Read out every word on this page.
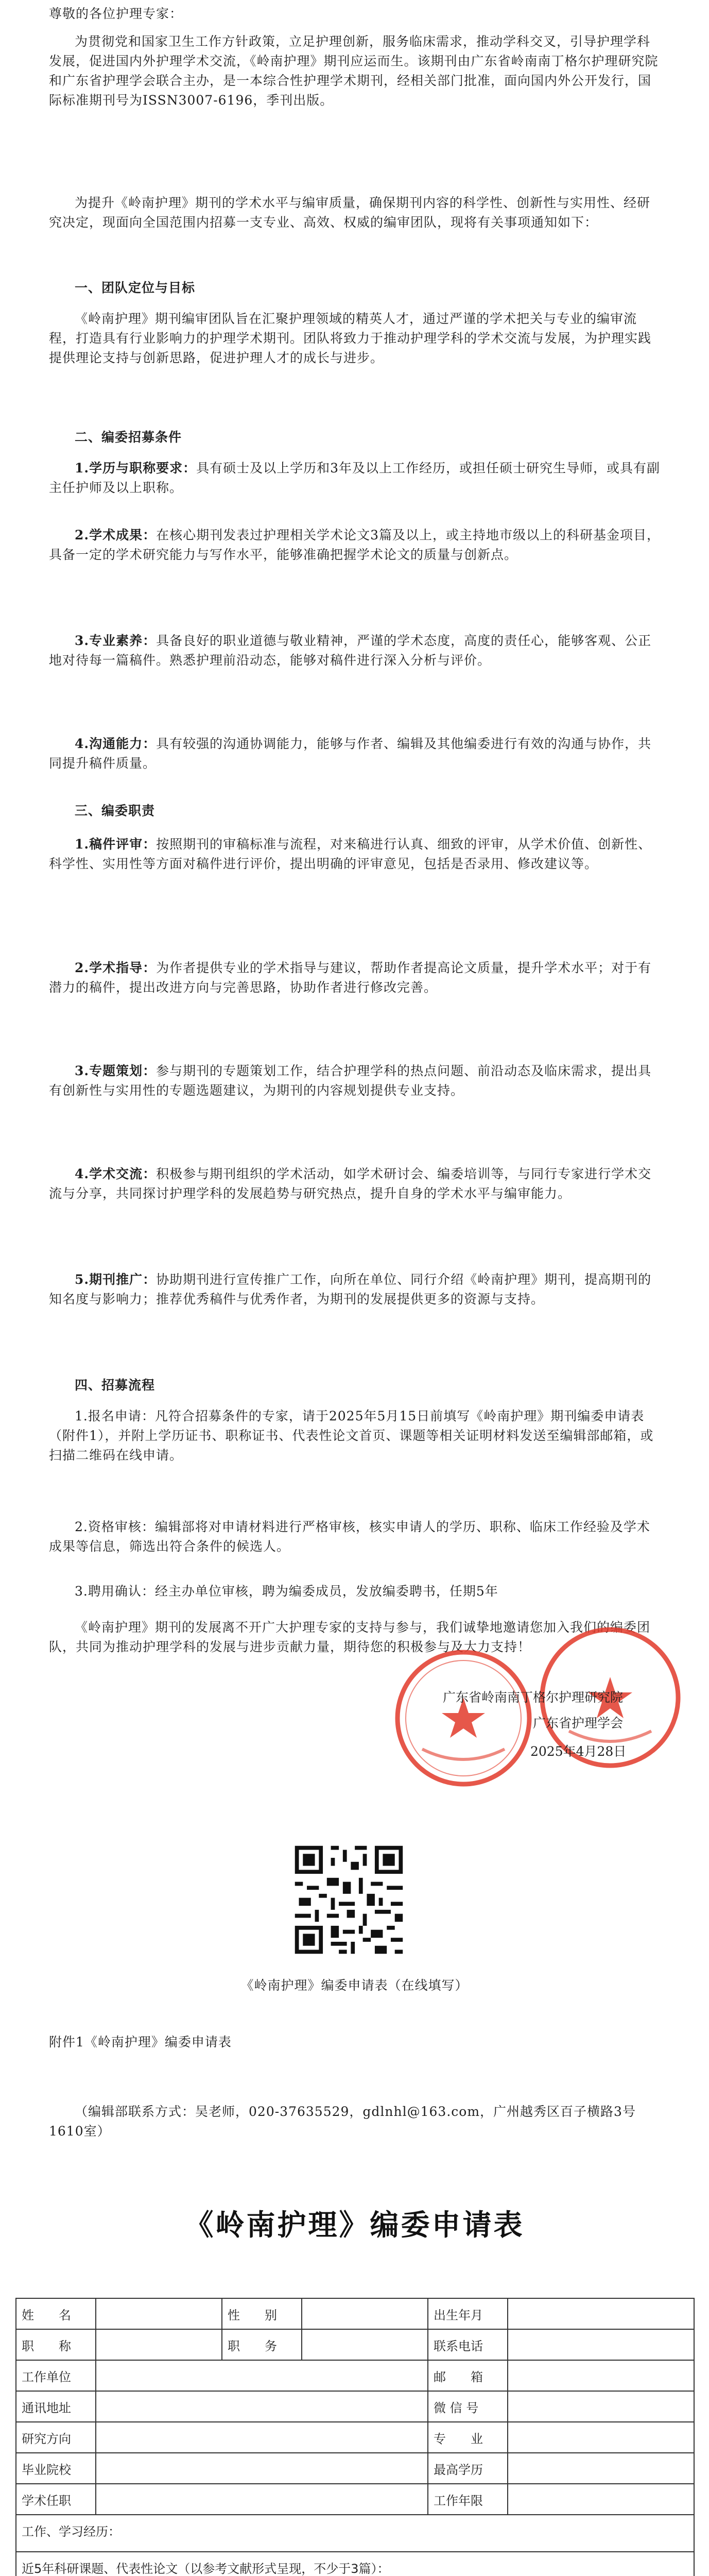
尊敬的各位护理专家：
为贯彻党和国家卫生工作方针政策，立足护理创新，服务临床需求，推动学科交叉，引导护理学科发展，促进国内外护理学术交流，《岭南护理》期刊应运而生。该期刊由广东省岭南南丁格尔护理研究院和广东省护理学会联合主办，是一本综合性护理学术期刊，经相关部门批准，面向国内外公开发行，国际标准期刊号为ISSN3007-6196，季刊出版。
为提升《岭南护理》期刊的学术水平与编审质量，确保期刊内容的科学性、创新性与实用性、经研究决定，现面向全国范围内招募一支专业、高效、权威的编审团队，现将有关事项通知如下：
一、团队定位与目标
《岭南护理》期刊编审团队旨在汇聚护理领域的精英人才，通过严谨的学术把关与专业的编审流程，打造具有行业影响力的护理学术期刊。团队将致力于推动护理学科的学术交流与发展，为护理实践提供理论支持与创新思路，促进护理人才的成长与进步。
二、编委招募条件
1.学历与职称要求：具有硕士及以上学历和3年及以上工作经历，或担任硕士研究生导师，或具有副主任护师及以上职称。
2.学术成果：在核心期刊发表过护理相关学术论文3篇及以上，或主持地市级以上的科研基金项目，具备一定的学术研究能力与写作水平，能够准确把握学术论文的质量与创新点。
3.专业素养：具备良好的职业道德与敬业精神，严谨的学术态度，高度的责任心，能够客观、公正地对待每一篇稿件。熟悉护理前沿动态，能够对稿件进行深入分析与评价。
4.沟通能力：具有较强的沟通协调能力，能够与作者、编辑及其他编委进行有效的沟通与协作，共同提升稿件质量。
三、编委职责
1.稿件评审：按照期刊的审稿标准与流程，对来稿进行认真、细致的评审，从学术价值、创新性、科学性、实用性等方面对稿件进行评价，提出明确的评审意见，包括是否录用、修改建议等。
2.学术指导：为作者提供专业的学术指导与建议，帮助作者提高论文质量，提升学术水平；对于有潜力的稿件，提出改进方向与完善思路，协助作者进行修改完善。
3.专题策划：参与期刊的专题策划工作，结合护理学科的热点问题、前沿动态及临床需求，提出具有创新性与实用性的专题选题建议，为期刊的内容规划提供专业支持。
4.学术交流：积极参与期刊组织的学术活动，如学术研讨会、编委培训等，与同行专家进行学术交流与分享，共同探讨护理学科的发展趋势与研究热点，提升自身的学术水平与编审能力。
5.期刊推广：协助期刊进行宣传推广工作，向所在单位、同行介绍《岭南护理》期刊，提高期刊的知名度与影响力；推荐优秀稿件与优秀作者，为期刊的发展提供更多的资源与支持。
四、招募流程
1.报名申请：凡符合招募条件的专家，请于2025年5月15日前填写《岭南护理》期刊编委申请表（附件1），并附上学历证书、职称证书、代表性论文首页、课题等相关证明材料发送至编辑部邮箱，或扫描二维码在线申请。
2.资格审核：编辑部将对申请材料进行严格审核，核实申请人的学历、职称、临床工作经验及学术成果等信息，筛选出符合条件的候选人。
3.聘用确认：经主办单位审核，聘为编委成员，发放编委聘书，任期5年
《岭南护理》期刊的发展离不开广大护理专家的支持与参与，我们诚挚地邀请您加入我们的编委团队，共同为推动护理学科的发展与进步贡献力量，期待您的积极参与及大力支持！
广东省岭南南丁格尔护理研究院
广东省护理学会
2025年4月28日
《岭南护理》编委申请表（在线填写）
附件1《岭南护理》编委申请表
（编辑部联系方式：吴老师，020-37635529，gdlnhl@163.com，广州越秀区百子横路3号1610室）
《岭南护理》编委申请表
姓　　名		性　　别		出生年月	
职　　称		职　　务		联系电话	
工作单位				邮　　箱	
通讯地址				微 信 号	
研究方向				专　　业	
毕业院校				最高学历	
学术任职				工作年限	
工作、学习经历：					
近5年科研课题、代表性论文（以参考文献形式呈现，不少于3篇）：					
